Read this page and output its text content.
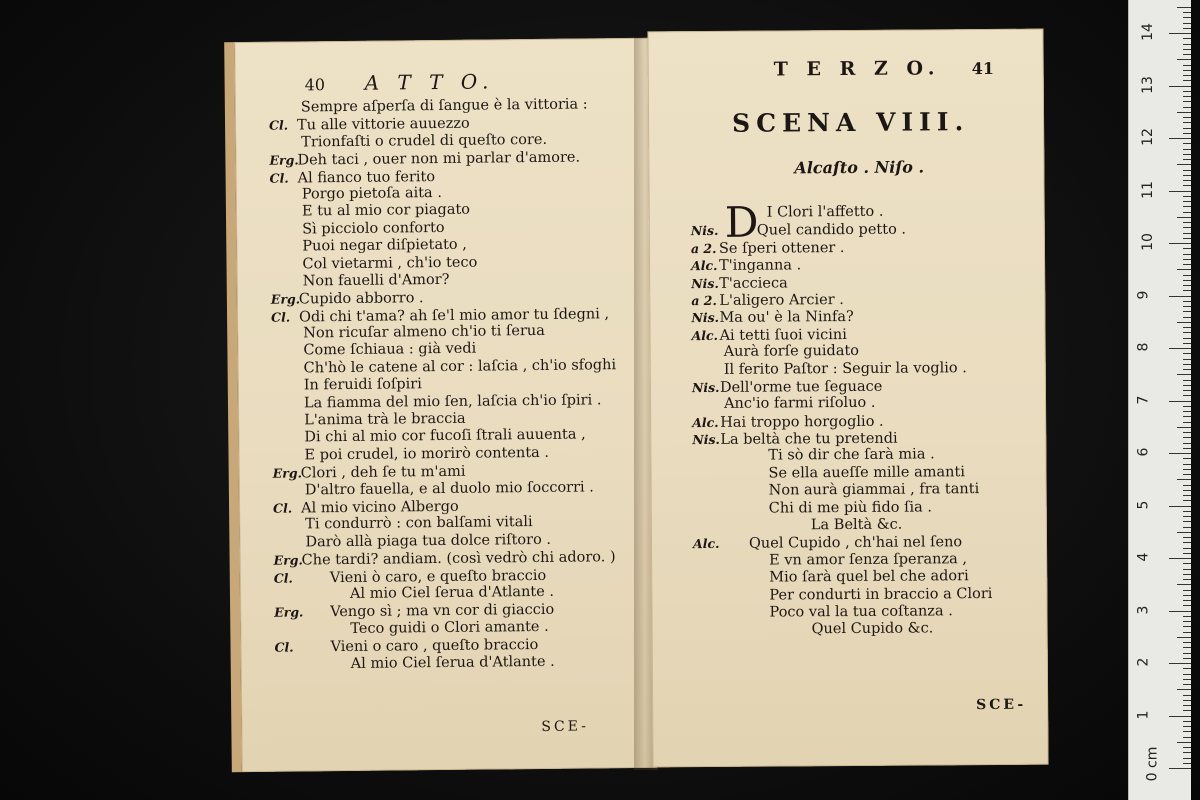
40 A T T O.
Sempre aſperſa di ſangue è la vittoria :
Cl. Tu alle vittorie auuezzo
Trionfaſti o crudel di queſto core.
Erg.Deh taci , ouer non mi parlar d'amore.
Cl. Al fianco tuo ferito
Porgo pietoſa aita .
E tu al mio cor piagato
Sì picciolo conforto
Puoi negar diſpietato ,
Col vietarmi , ch'io teco
Non fauelli d'Amor?
Erg.Cupido abborro .
Cl. Odi chi t'ama? ah ſe'l mio amor tu ſdegni ,
Non ricuſar almeno ch'io ti ſerua
Come ſchiaua : già vedi
Ch'hò le catene al cor : laſcia , ch'io sfoghi
In feruidi ſoſpiri
La fiamma del mio ſen, laſcia ch'io ſpiri .
L'anima trà le braccia
Di chi al mio cor fucoſi ſtrali auuenta ,
E poi crudel, io morirò contenta .
Erg.Clori , deh ſe tu m'ami
D'altro fauella, e al duolo mio ſoccorri .
Cl. Al mio vicino Albergo
Ti condurrò : con balſami vitali
Darò allà piaga tua dolce riſtoro .
Erg.Che tardi? andiam. (così vedrò chi adoro. )
Cl.	Vieni ò caro, e queſto braccio
Al mio Ciel ſerua d'Atlante .
Erg. Vengo sì ; ma vn cor di giaccio
Teco guidi o Clori amante .
Cl.	Vieni o caro , queſto braccio
Al mio Ciel ſerua d'Atlante .
SCE-
T E R Z O. 41
SCENA VIII.
Alcaſto . Niſo .
D I Clori l'affetto .
Nis.	Quel candido petto .
a 2. Se ſperi ottener .
Alc.T'inganna .
Nis.T'accieca
a 2. L'aligero Arcier .
Nis.Ma ou' è la Ninfa?
Alc.Ai tetti ſuoi vicini
Aurà forſe guidato
Il ferito Paſtor : Seguir la voglio .
Nis.Dell'orme tue ſeguace
Anc'io farmi riſoluo .
Alc.Hai troppo horgoglio .
Nis.La beltà che tu pretendi
Ti sò dir che ſarà mia .
Se ella aueſſe mille amanti
Non aurà giammai , fra tanti
Chi di me più fido ſia .
La Beltà &c.
Alc. Quel Cupido , ch'hai nel ſeno
E vn amor ſenza ſperanza ,
Mio ſarà quel bel che adori
Per condurti in braccio a Clori
Poco val la tua coſtanza .
Quel Cupido &c.
SCE-
0 cm
1
2
3
4
5
6
7
8
9
10
11
12
13
14
